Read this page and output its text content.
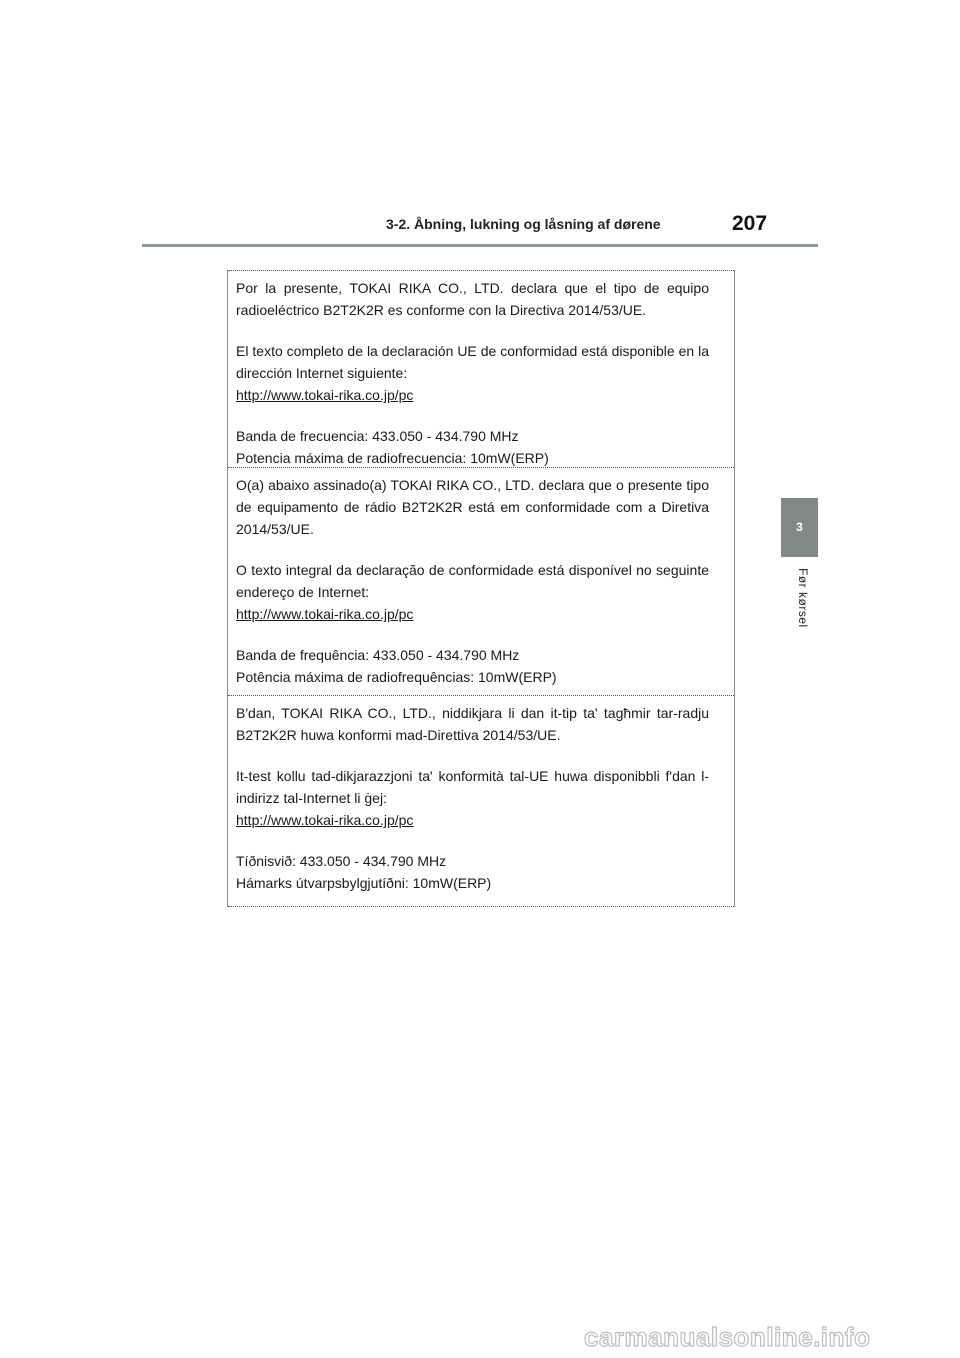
3-2. Åbning, lukning og låsning af dørene	207
3
Før kørsel

Por la presente, TOKAI RIKA CO., LTD. declara que el tipo de equipo radioeléctrico B2T2K2R es conforme con la Directiva 2014/53/UE.

El texto completo de la declaración UE de conformidad está disponible en la dirección Internet siguiente:

http://www.tokai-rika.co.jp/pc

Banda de frecuencia: 433.050 - 434.790 MHz

Potencia máxima de radiofrecuencia: 10mW(ERP)

O(a) abaixo assinado(a) TOKAI RIKA CO., LTD. declara que o presente tipo de equipamento de rádio B2T2K2R está em conformidade com a Diretiva 2014/53/UE.

O texto integral da declaração de conformidade está disponível no seguinte endereço de Internet:

http://www.tokai-rika.co.jp/pc

Banda de frequência: 433.050 - 434.790 MHz

Potência máxima de radiofrequências: 10mW(ERP)

B'dan, TOKAI RIKA CO., LTD., niddikjara li dan it-tip ta' tagħmir tar-radju B2T2K2R huwa konformi mad-Direttiva 2014/53/UE.

It-test kollu tad-dikjarazzjoni ta' konformità tal-UE huwa disponibbli f'dan l-indirizz tal-Internet li ġej:

http://www.tokai-rika.co.jp/pc

Tíðnisvið: 433.050 - 434.790 MHz

Hámarks útvarpsbylgjutíðni: 10mW(ERP)

carmanualsonline.info
